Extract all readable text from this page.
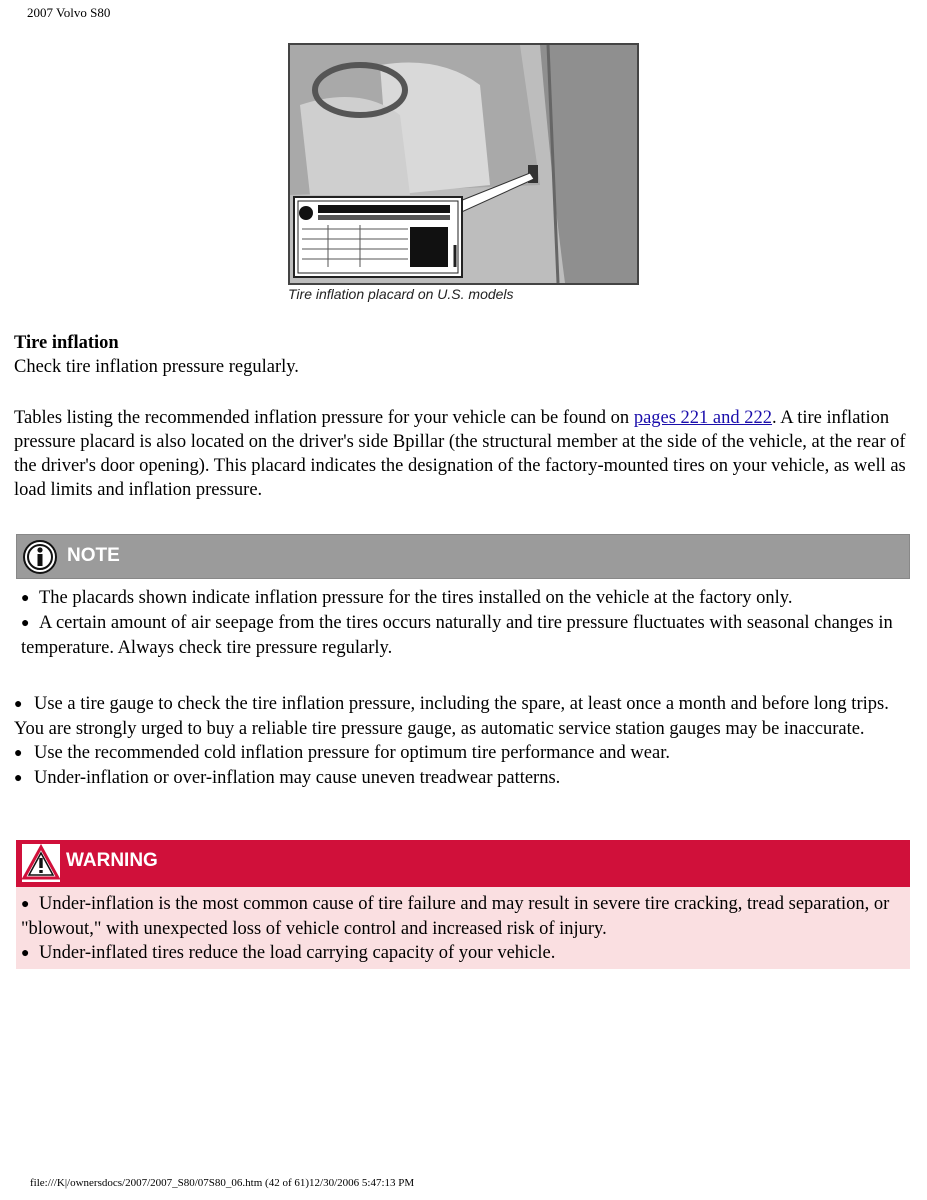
2007 Volvo S80
Tire inflation placard on U.S. models
Tire inflation
Check tire inflation pressure regularly.

Tables listing the recommended inflation pressure for your vehicle can be found on pages 221 and 222. A tire inflation pressure placard is also located on the driver's side Bpillar (the structural member at the side of the vehicle, at the rear of the driver's door opening). This placard indicates the designation of the factory-mounted tires on your vehicle, as well as load limits and inflation pressure.

NOTE
● The placards shown indicate inflation pressure for the tires installed on the vehicle at the factory only.
● A certain amount of air seepage from the tires occurs naturally and tire pressure fluctuates with seasonal changes in temperature. Always check tire pressure regularly.
● Use a tire gauge to check the tire inflation pressure, including the spare, at least once a month and before long trips. You are strongly urged to buy a reliable tire pressure gauge, as automatic service station gauges may be inaccurate.
● Use the recommended cold inflation pressure for optimum tire performance and wear.
● Under-inflation or over-inflation may cause uneven treadwear patterns.
WARNING
● Under-inflation is the most common cause of tire failure and may result in severe tire cracking, tread separation, or "blowout," with unexpected loss of vehicle control and increased risk of injury.
● Under-inflated tires reduce the load carrying capacity of your vehicle.
file:///K|/ownersdocs/2007/2007_S80/07S80_06.htm (42 of 61)12/30/2006 5:47:13 PM
